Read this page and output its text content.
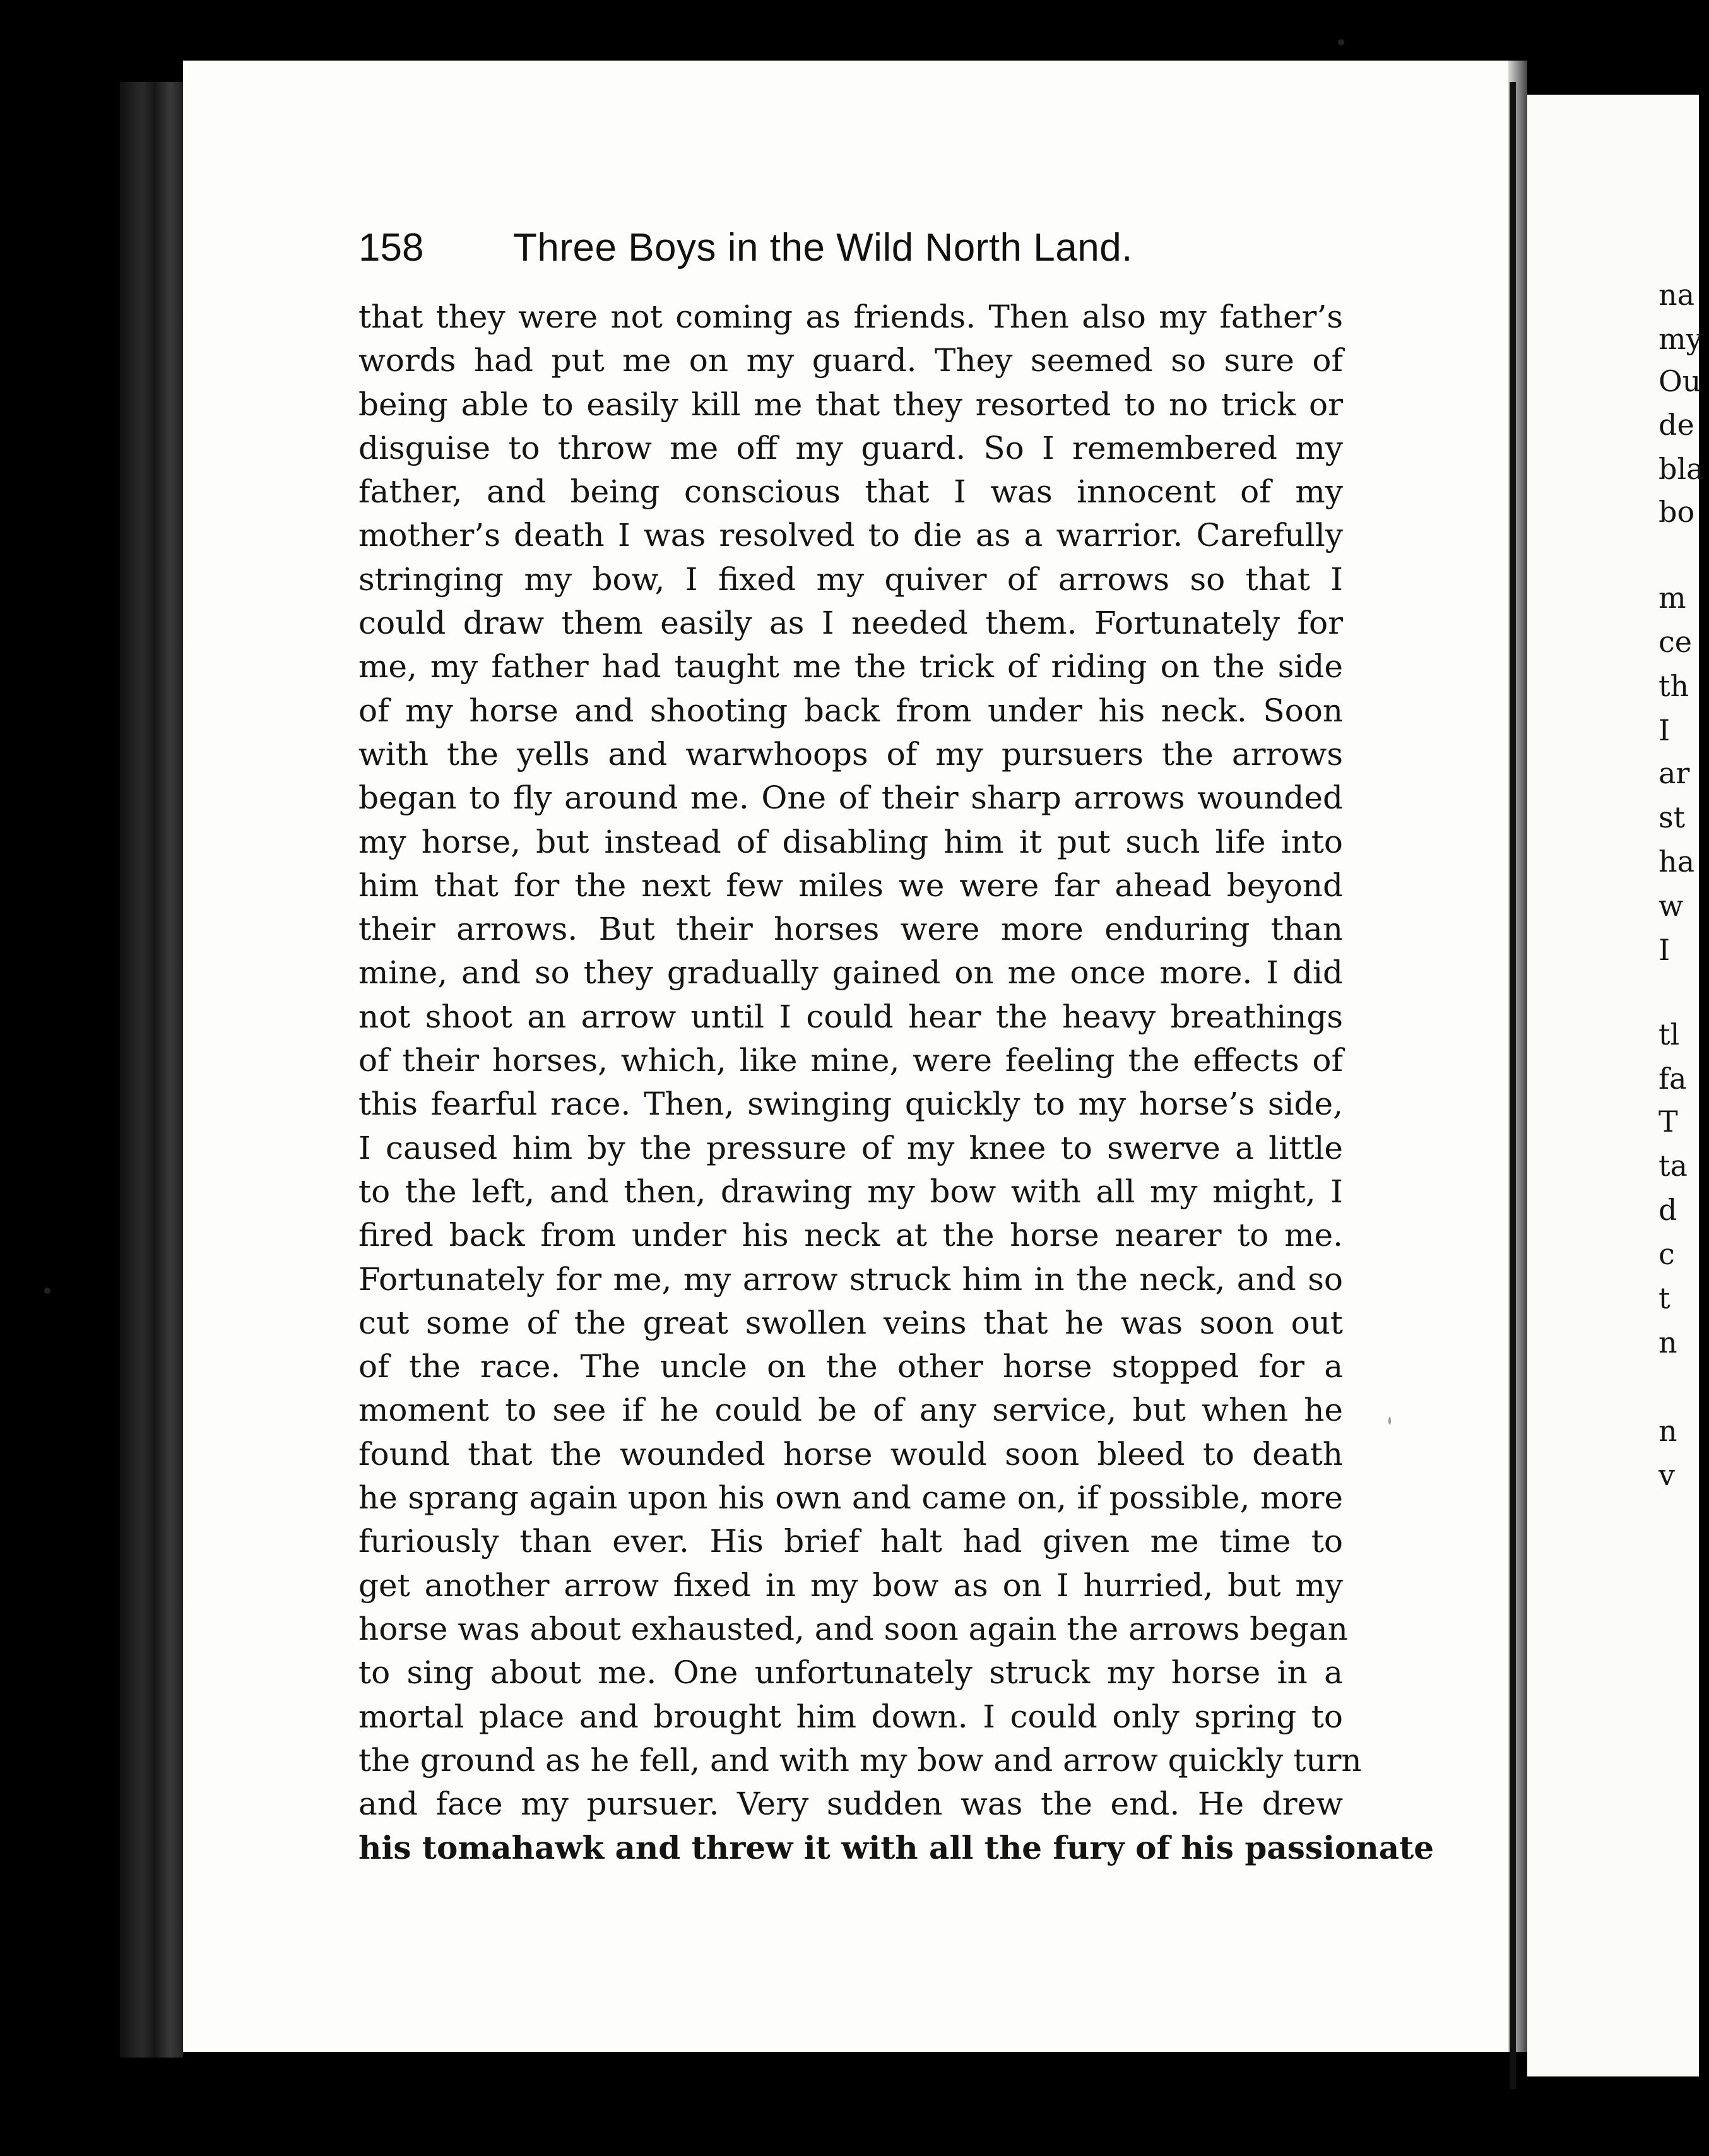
158 Three Boys in the Wild North Land.
that they were not coming as friends. Then also my father’s
words had put me on my guard. They seemed so sure of
being able to easily kill me that they resorted to no trick or
disguise to throw me off my guard. So I remembered my
father, and being conscious that I was innocent of my
mother’s death I was resolved to die as a warrior. Carefully
stringing my bow, I fixed my quiver of arrows so that I
could draw them easily as I needed them. Fortunately for
me, my father had taught me the trick of riding on the side
of my horse and shooting back from under his neck. Soon
with the yells and warwhoops of my pursuers the arrows
began to fly around me. One of their sharp arrows wounded
my horse, but instead of disabling him it put such life into
him that for the next few miles we were far ahead beyond
their arrows. But their horses were more enduring than
mine, and so they gradually gained on me once more. I did
not shoot an arrow until I could hear the heavy breathings
of their horses, which, like mine, were feeling the effects of
this fearful race. Then, swinging quickly to my horse’s side,
I caused him by the pressure of my knee to swerve a little
to the left, and then, drawing my bow with all my might, I
fired back from under his neck at the horse nearer to me.
Fortunately for me, my arrow struck him in the neck, and so
cut some of the great swollen veins that he was soon out
of the race. The uncle on the other horse stopped for a
moment to see if he could be of any service, but when he
found that the wounded horse would soon bleed to death
he sprang again upon his own and came on, if possible, more
furiously than ever. His brief halt had given me time to
get another arrow fixed in my bow as on I hurried, but my
horse was about exhausted, and soon again the arrows began
to sing about me. One unfortunately struck my horse in a
mortal place and brought him down. I could only spring to
the ground as he fell, and with my bow and arrow quickly turn
and face my pursuer. Very sudden was the end. He drew
his tomahawk and threw it with all the fury of his passionate
na
my
Ou
de
bla
bo
m
ce
th
I
ar
st
ha
w
I
tl
fa
T
ta
d
c
t
n
n
v
